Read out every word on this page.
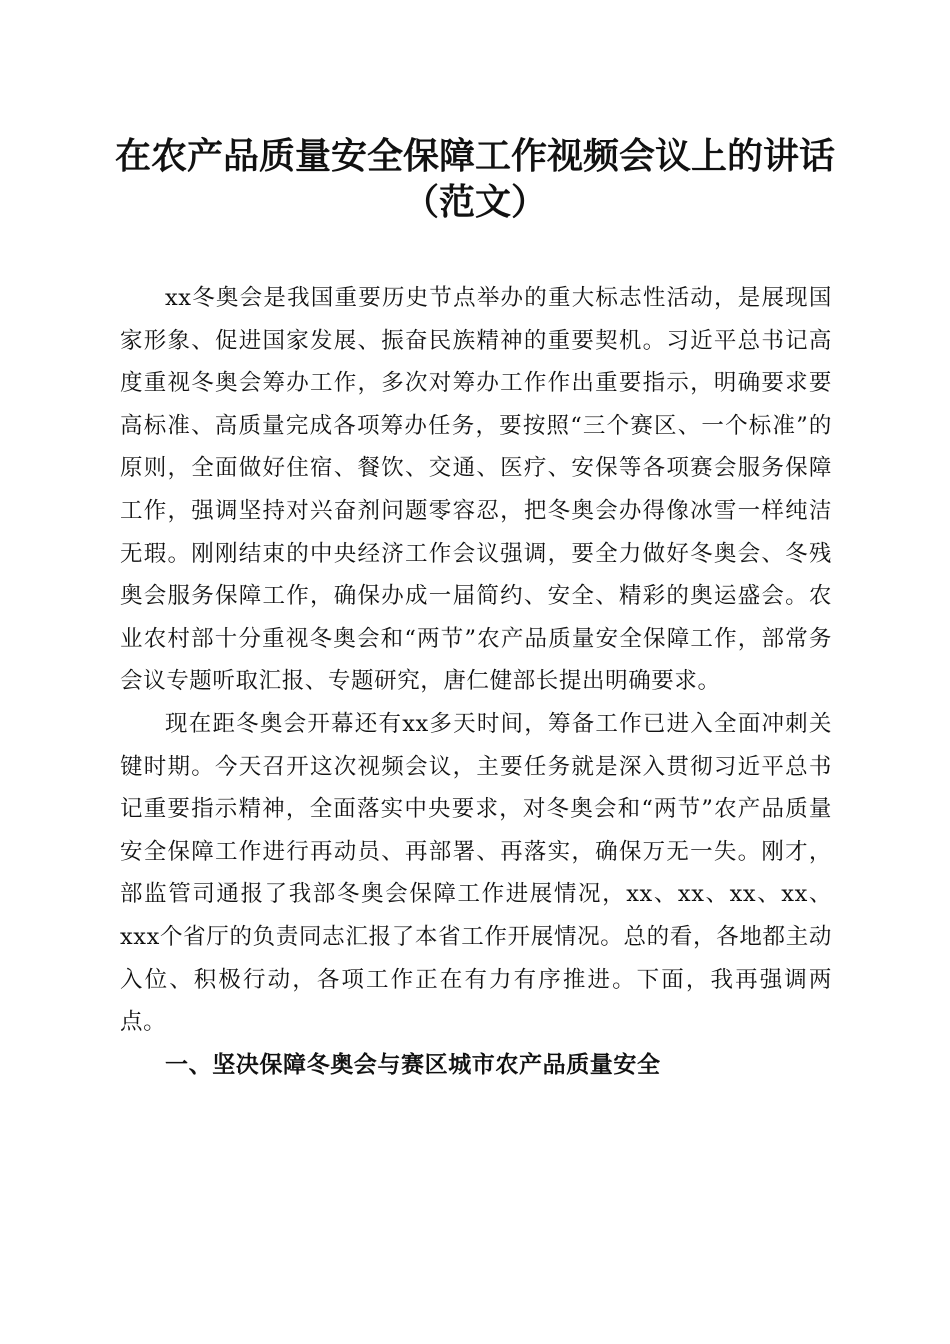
在农产品质量安全保障工作视频会议上的讲话
（范文）

xx冬奥会是我国重要历史节点举办的重大标志性活动，是展现国家形象、促进国家发展、振奋民族精神的重要契机。习近平总书记高度重视冬奥会筹办工作，多次对筹办工作作出重要指示，明确要求要高标准、高质量完成各项筹办任务，要按照“三个赛区、一个标准”的原则，全面做好住宿、餐饮、交通、医疗、安保等各项赛会服务保障工作，强调坚持对兴奋剂问题零容忍，把冬奥会办得像冰雪一样纯洁无瑕。刚刚结束的中央经济工作会议强调，要全力做好冬奥会、冬残奥会服务保障工作，确保办成一届简约、安全、精彩的奥运盛会。农业农村部十分重视冬奥会和“两节”农产品质量安全保障工作，部常务会议专题听取汇报、专题研究，唐仁健部长提出明确要求。

现在距冬奥会开幕还有xx多天时间，筹备工作已进入全面冲刺关键时期。今天召开这次视频会议，主要任务就是深入贯彻习近平总书记重要指示精神，全面落实中央要求，对冬奥会和“两节”农产品质量安全保障工作进行再动员、再部署、再落实，确保万无一失。刚才，部监管司通报了我部冬奥会保障工作进展情况，xx、xx、xx、xx、xxx个省厅的负责同志汇报了本省工作开展情况。总的看，各地都主动入位、积极行动，各项工作正在有力有序推进。下面，我再强调两点。

一、坚决保障冬奥会与赛区城市农产品质量安全
